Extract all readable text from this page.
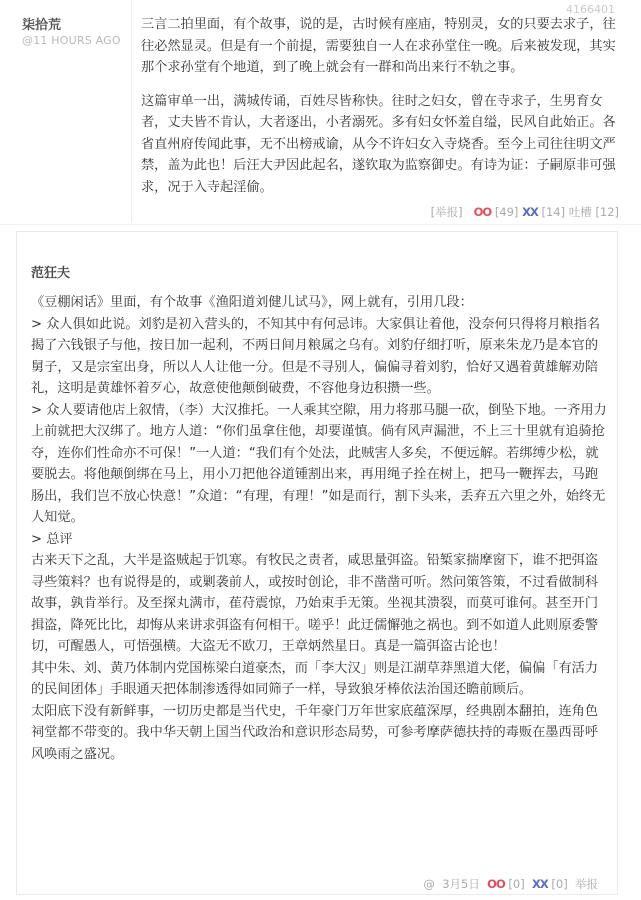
4166401
柒拾荒
@11 HOURS AGO

三言二拍里面，有个故事，说的是，古时候有座庙，特别灵，女的只要去求子，往往必然显灵。但是有一个前提，需要独自一人在求孙堂住一晚。后来被发现，其实那个求孙堂有个地道，到了晚上就会有一群和尚出来行不轨之事。

这篇审单一出，满城传诵，百姓尽皆称快。往时之妇女，曾在寺求子，生男育女者，丈夫皆不肯认，大者逐出，小者溺死。多有妇女怀羞自缢，民风自此始正。各省直州府传闻此事，无不出榜戒谕，从今不许妇女入寺烧香。至今上司往往明文严禁，盖为此也！后汪大尹因此起名，遂钦取为监察御史。有诗为证：子嗣原非可强求，况于入寺起淫偷。

[举报] OO [49] XX [14] 吐槽 [12]
范狂夫

《豆棚闲话》里面，有个故事《渔阳道刘健儿试马》，网上就有，引用几段：

> 众人俱如此说。刘豹是初入营头的，不知其中有何忌讳。大家俱让着他，没奈何只得将月粮指名揭了六钱银子与他，按日加一起利，不两日间月粮属之乌有。刘豹仔细打听，原来朱龙乃是本官的舅子，又是宗室出身，所以人人让他一分。但是不寻别人，偏偏寻着刘豹，恰好又遇着黄雄解劝陪礼，这明是黄雄怀着歹心，故意使他颠倒破费，不容他身边积攒一些。

> 众人要请他店上叙情，（李）大汉推托。一人乘其空隙，用力将那马腿一砍，倒坠下地。一齐用力上前就把大汉绑了。地方人道：“你们虽拿住他，却要谨慎。倘有风声漏泄，不上三十里就有追骑抢夺，连你们性命亦不可保！”一人道：“我们有个处法，此贼害人多矣，不便远解。若绑缚少松，就要脱去。将他颠倒绑在马上，用小刀把他谷道锺割出来，再用绳子拴在树上，把马一鞭挥去，马跑肠出，我们岂不放心快意！”众道：“有理，有理！”如是而行，割下头来，丢弃五六里之外，始终无人知觉。

> 总评

古来天下之乱，大半是盗贼起于饥寒。有牧民之责者，咸思量弭盗。铅椠家揣摩窗下，谁不把弭盗寻些策料？也有说得是的，或剿袭前人，或按时创论，非不凿凿可听。然问策答策，不过看做制科故事，孰肯举行。及至探丸满市，萑苻震惊，乃始束手无策。坐视其溃裂，而莫可谁何。甚至开门揖盗，降死比比，却悔从来讲求弭盗有何相干。嗟乎！此迂儒懈弛之祸也。到不如道人此则原委警切，可醒愚人，可悟强横。大盗无不欧刀，王章炳然星日。真是一篇弭盗古论也！

其中朱、刘、黄乃体制内党国栋梁白道豪杰，而「李大汉」则是江湖草莽黑道大佬，偏偏「有活力的民间团体」手眼通天把体制渗透得如同筛子一样，导致狼牙棒依法治国还瞻前顾后。

太阳底下没有新鲜事，一切历史都是当代史，千年豪门万年世家底蕴深厚，经典剧本翻拍，连角色祠堂都不带变的。我中华天朝上国当代政治和意识形态局势，可参考摩萨德扶持的毒贩在墨西哥呼风唤雨之盛况。

@ 3月5日 OO [0] XX [0] 举报
